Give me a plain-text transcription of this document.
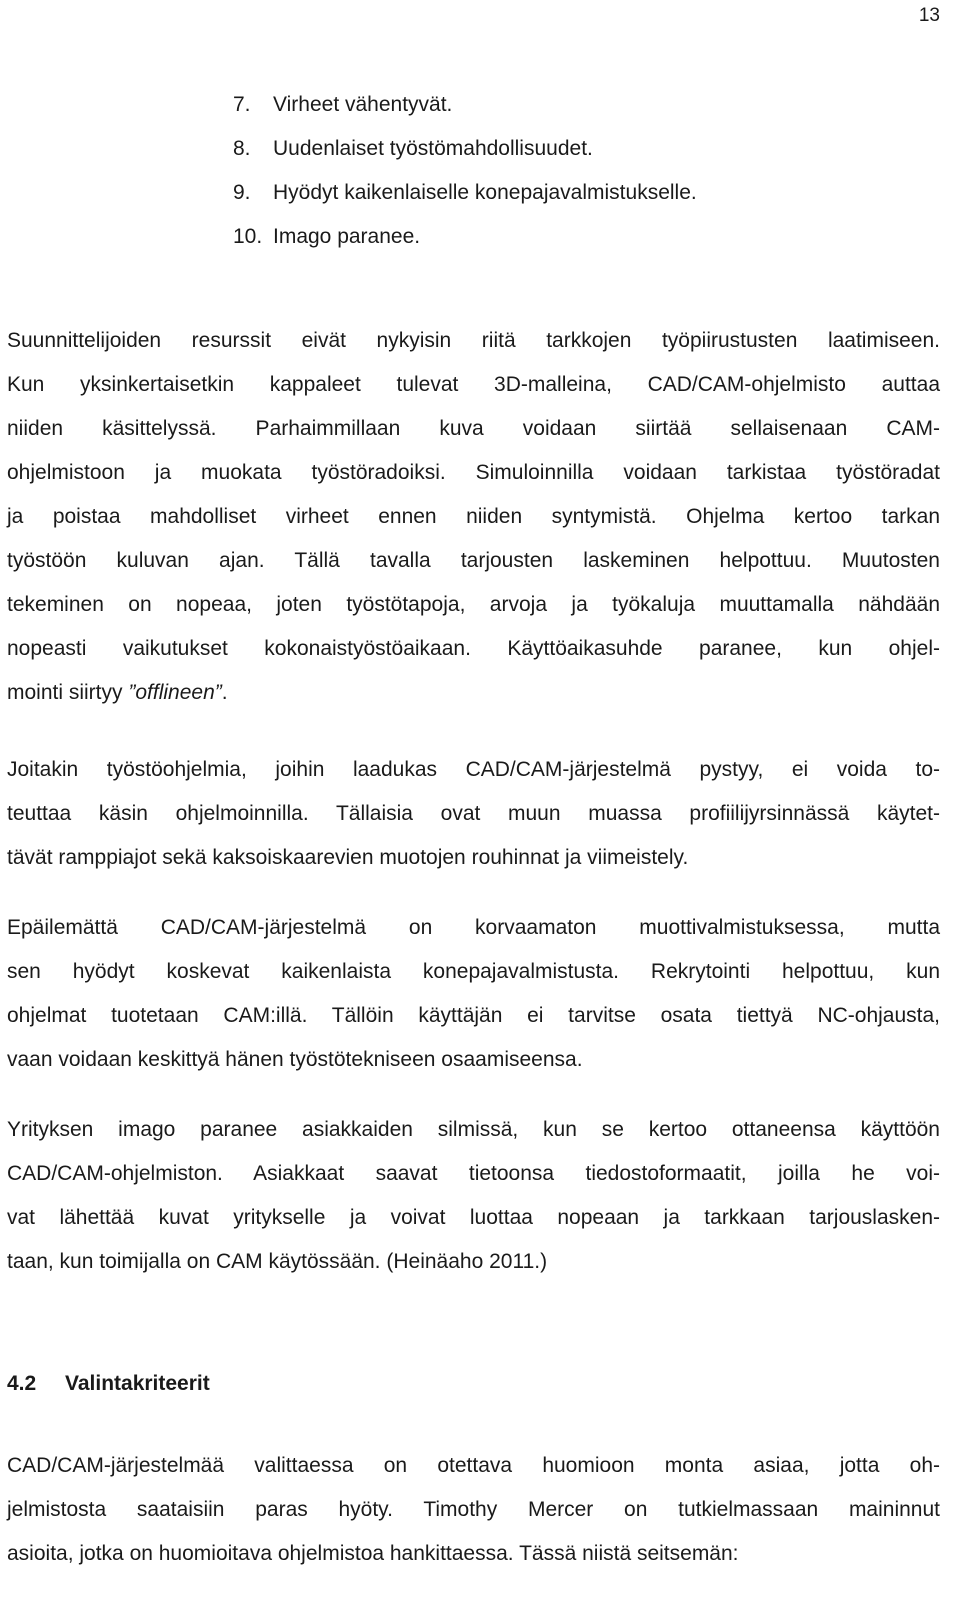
13
7. Virheet vähentyvät.
8. Uudenlaiset työstömahdollisuudet.
9. Hyödyt kaikenlaiselle konepajavalmistukselle.
10. Imago paranee.

Suunnittelijoiden resurssit eivät nykyisin riitä tarkkojen työpiirustusten laatimiseen.
Kun yksinkertaisetkin kappaleet tulevat 3D-malleina, CAD/CAM-ohjelmisto auttaa
niiden käsittelyssä. Parhaimmillaan kuva voidaan siirtää sellaisenaan CAM-
ohjelmistoon ja muokata työstöradoiksi. Simuloinnilla voidaan tarkistaa työstöradat
ja poistaa mahdolliset virheet ennen niiden syntymistä. Ohjelma kertoo tarkan
työstöön kuluvan ajan. Tällä tavalla tarjousten laskeminen helpottuu. Muutosten
tekeminen on nopeaa, joten työstötapoja, arvoja ja työkaluja muuttamalla nähdään
nopeasti vaikutukset kokonaistyöstöaikaan. Käyttöaikasuhde paranee, kun ohjel-
mointi siirtyy ”offlineen”.

Joitakin työstöohjelmia, joihin laadukas CAD/CAM-järjestelmä pystyy, ei voida to-
teuttaa käsin ohjelmoinnilla. Tällaisia ovat muun muassa profiilijyrsinnässä käytet-
tävät ramppiajot sekä kaksoiskaarevien muotojen rouhinnat ja viimeistely.

Epäilemättä CAD/CAM-järjestelmä on korvaamaton muottivalmistuksessa, mutta
sen hyödyt koskevat kaikenlaista konepajavalmistusta. Rekrytointi helpottuu, kun
ohjelmat tuotetaan CAM:illä. Tällöin käyttäjän ei tarvitse osata tiettyä NC-ohjausta,
vaan voidaan keskittyä hänen työstötekniseen osaamiseensa.

Yrityksen imago paranee asiakkaiden silmissä, kun se kertoo ottaneensa käyttöön
CAD/CAM-ohjelmiston. Asiakkaat saavat tietoonsa tiedostoformaatit, joilla he voi-
vat lähettää kuvat yritykselle ja voivat luottaa nopeaan ja tarkkaan tarjouslasken-
taan, kun toimijalla on CAM käytössään. (Heinäaho 2011.)

4.2 Valintakriteerit

CAD/CAM-järjestelmää valittaessa on otettava huomioon monta asiaa, jotta oh-
jelmistosta saataisiin paras hyöty. Timothy Mercer on tutkielmassaan maininnut
asioita, jotka on huomioitava ohjelmistoa hankittaessa. Tässä niistä seitsemän:
